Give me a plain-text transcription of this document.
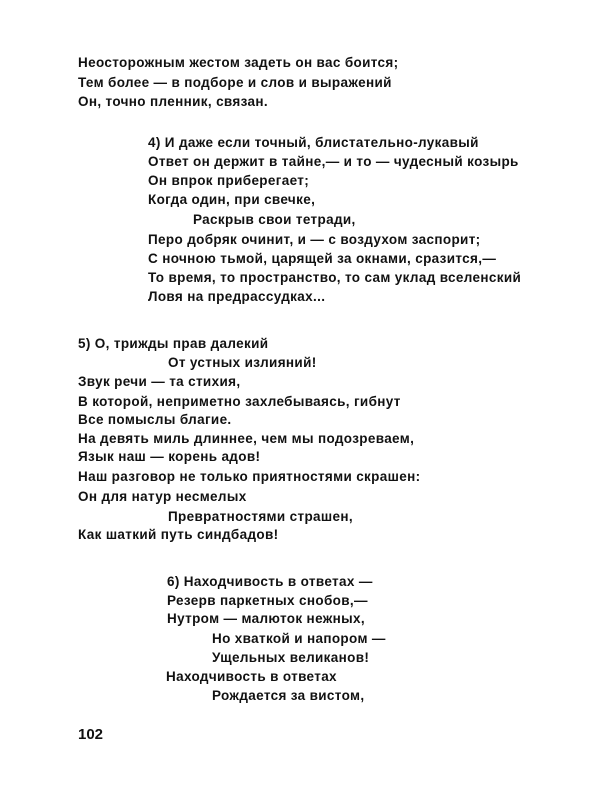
Неосторожным жестом задеть он вас боится;
Тем более — в подборе и слов и выражений
Он, точно пленник, связан.
4) И даже если точный, блистательно-лукавый
Ответ он держит в тайне,— и то — чудесный козырь
Он впрок приберегает;
Когда один, при свечке,
Раскрыв свои тетради,
Перо добряк очинит, и — с воздухом заспорит;
С ночною тьмой, царящей за окнами, сразится,—
То время, то пространство, то сам уклад вселенский
Ловя на предрассудках...
5) О, трижды прав далекий
От устных излияний!
Звук речи — та стихия,
В которой, неприметно захлебываясь, гибнут
Все помыслы благие.
На девять миль длиннее, чем мы подозреваем,
Язык наш — корень адов!
Наш разговор не только приятностями скрашен:
Он для натур несмелых
Превратностями страшен,
Как шаткий путь синдбадов!
6) Находчивость в ответах —
Резерв паркетных снобов,—
Нутром — малюток нежных,
Но хваткой и напором —
Ущельных великанов!
Находчивость в ответах
Рождается за вистом,
102
